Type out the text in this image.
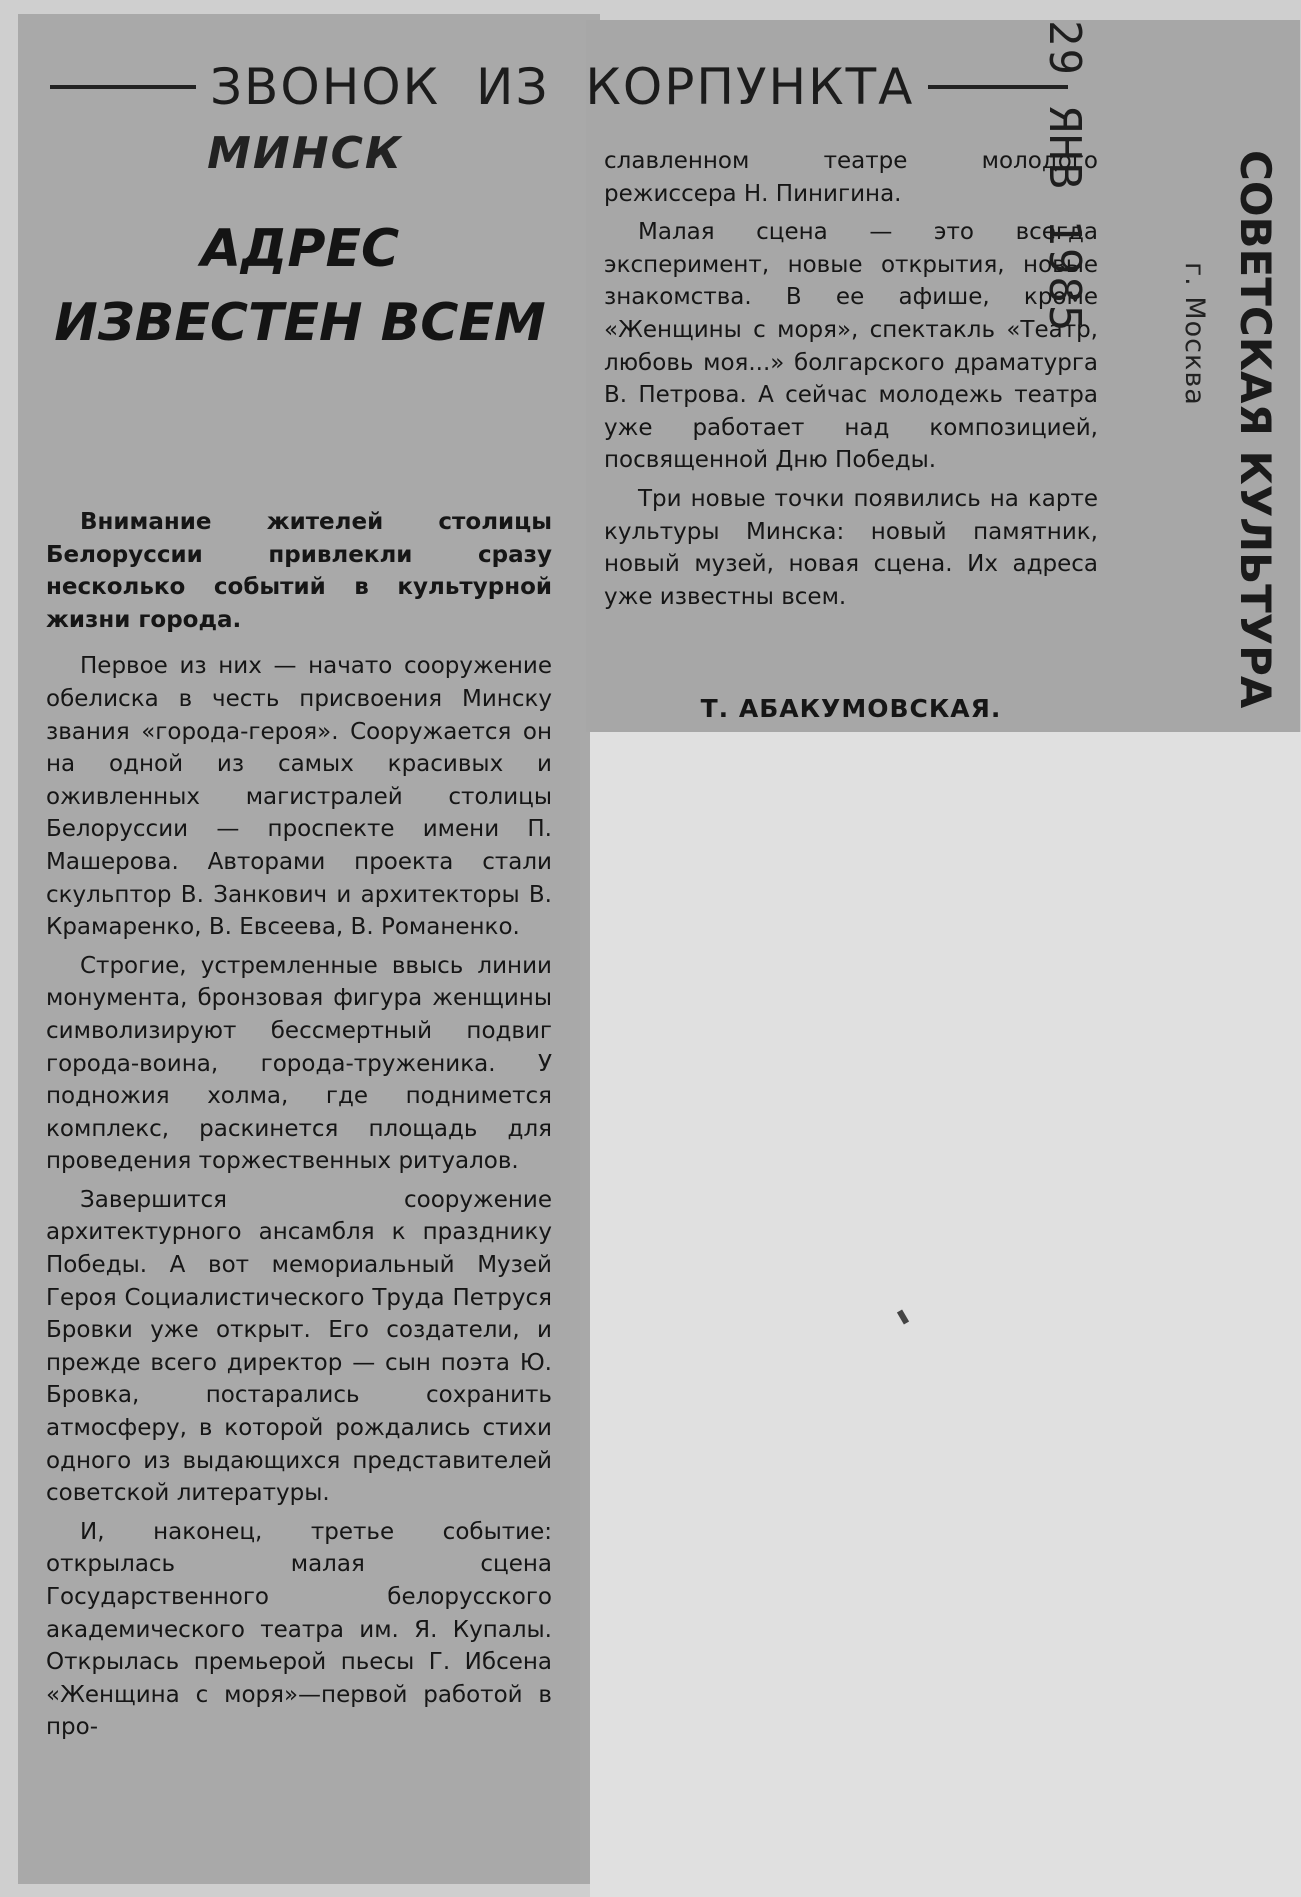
ЗВОНОК ИЗ КОРПУНКТА
МИНСК
АДРЕС
ИЗВЕСТЕН ВСЕМ

Внимание жителей столицы Белоруссии привлекли сразу несколько событий в культурной жизни города.

Первое из них — начато сооружение обелиска в честь присвоения Минску звания «города-героя». Сооружается он на одной из самых красивых и оживленных магистралей столицы Белоруссии — проспекте имени П. Машерова. Авторами проекта стали скульптор В. Занкович и архитекторы В. Крамаренко, В. Евсеева, В. Романенко.

Строгие, устремленные ввысь линии монумента, бронзовая фигура женщины символизируют бессмертный подвиг города-воина, города-труженика. У подножия холма, где поднимется комплекс, раскинется площадь для проведения торжественных ритуалов.

Завершится сооружение архитектурного ансамбля к празднику Победы. А вот мемориальный Музей Героя Социалистического Труда Петруся Бровки уже открыт. Его создатели, и прежде всего директор — сын поэта Ю. Бровка, постарались сохранить атмосферу, в которой рождались стихи одного из выдающихся представителей советской литературы.

И, наконец, третье событие: открылась малая сцена Государственного белорусского академического театра им. Я. Купалы. Открылась премьерой пьесы Г. Ибсена «Женщина с моря»—первой работой в про-

славленном театре молодого режиссера Н. Пинигина.

Малая сцена — это всегда эксперимент, новые открытия, новые знакомства. В ее афише, кроме «Женщины с моря», спектакль «Театр, любовь моя...» болгарского драматурга В. Петрова. А сейчас молодежь театра уже работает над композицией, посвященной Дню Победы.

Три новые точки появились на карте культуры Минска: новый памятник, новый музей, новая сцена. Их адреса уже известны всем.

Т. АБАКУМОВСКАЯ.
29 ЯНВ 1985	СОВЕТСКАЯ КУЛЬТУРА
г. Москва
